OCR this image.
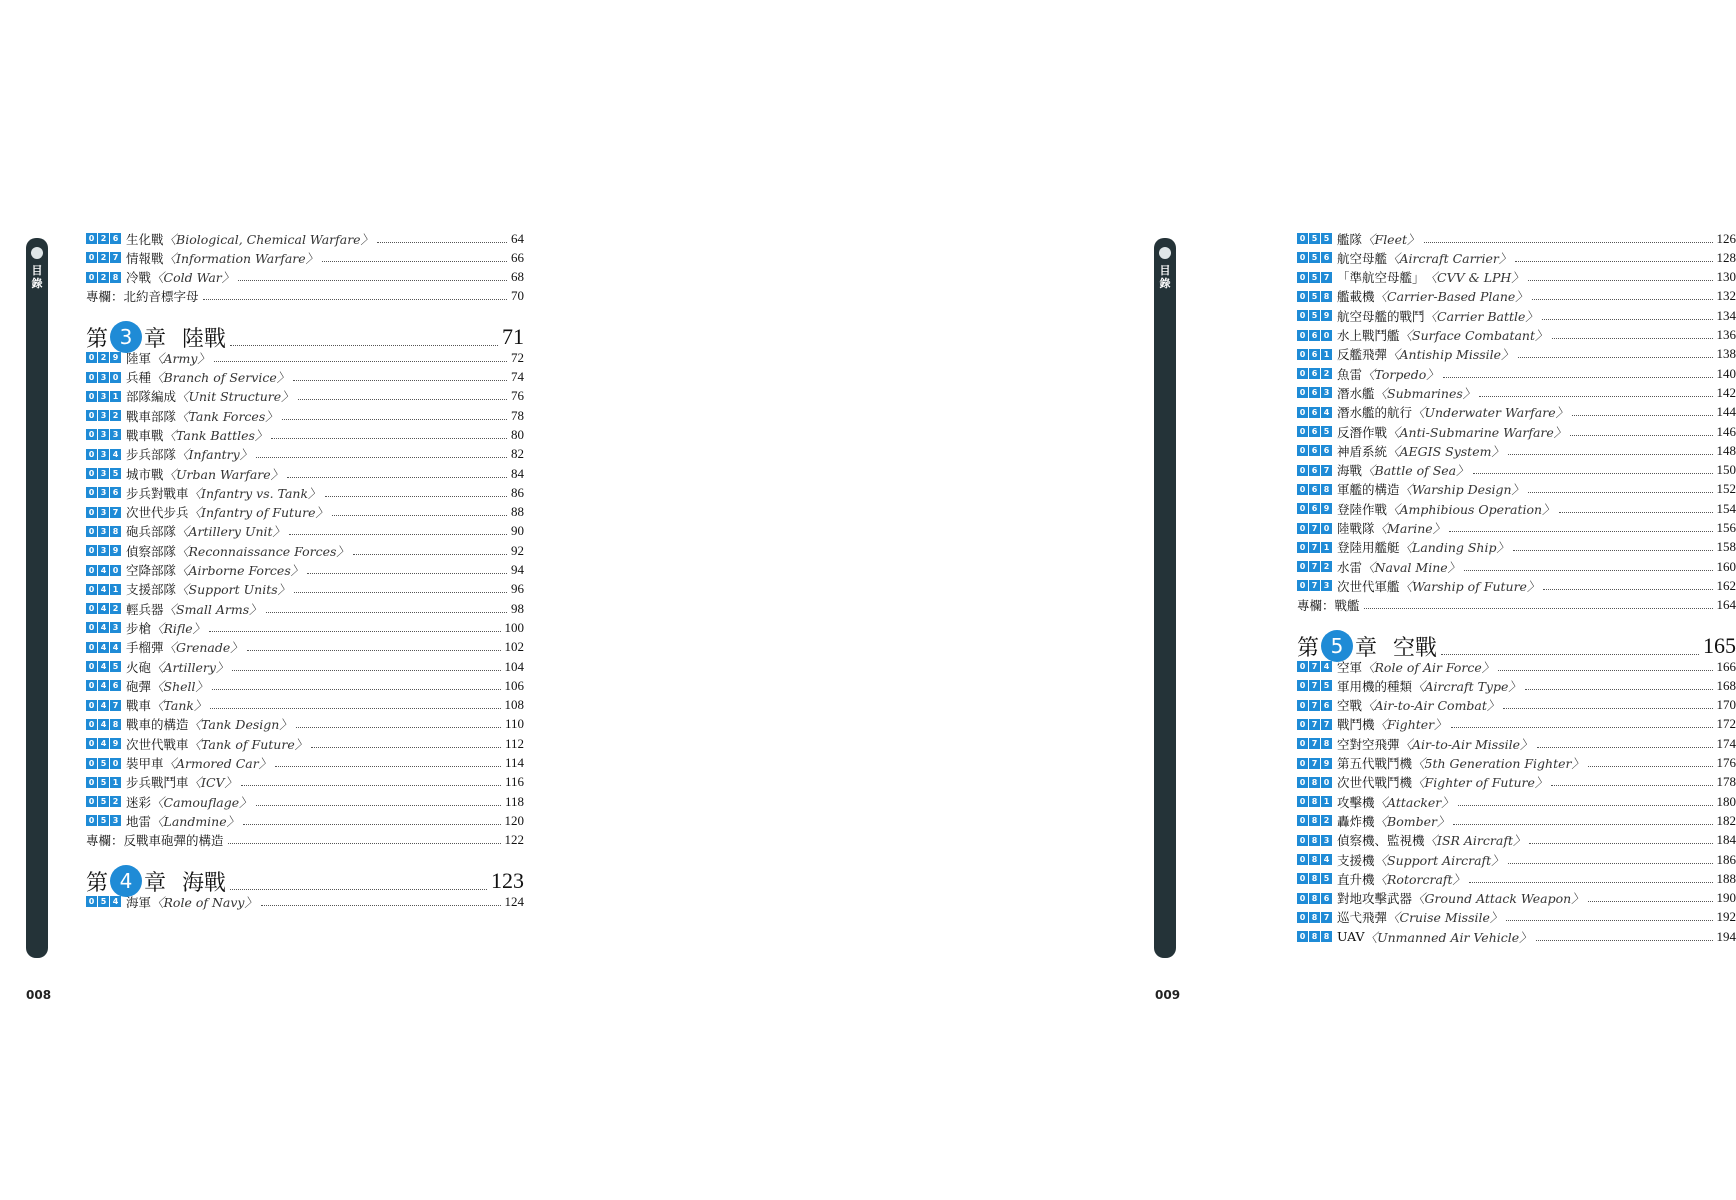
目錄
0 2 6 生化戰 〈Biological, Chemical Warfare〉	64
0 2 7 情報戰 〈Information Warfare〉	66
0 2 8 冷戰 〈Cold War〉	68
專欄：北約音標字母	70
第 3 章 陸戰	71
0 2 9 陸軍 〈Army〉	72
0 3 0 兵種 〈Branch of Service〉	74
0 3 1 部隊編成 〈Unit Structure〉	76
0 3 2 戰車部隊 〈Tank Forces〉	78
0 3 3 戰車戰 〈Tank Battles〉	80
0 3 4 步兵部隊 〈Infantry〉	82
0 3 5 城市戰 〈Urban Warfare〉	84
0 3 6 步兵對戰車 〈Infantry vs. Tank〉	86
0 3 7 次世代步兵 〈Infantry of Future〉	88
0 3 8 砲兵部隊 〈Artillery Unit〉	90
0 3 9 偵察部隊 〈Reconnaissance Forces〉	92
0 4 0 空降部隊 〈Airborne Forces〉	94
0 4 1 支援部隊 〈Support Units〉	96
0 4 2 輕兵器 〈Small Arms〉	98
0 4 3 步槍 〈Rifle〉	100
0 4 4 手榴彈 〈Grenade〉	102
0 4 5 火砲 〈Artillery〉	104
0 4 6 砲彈 〈Shell〉	106
0 4 7 戰車 〈Tank〉	108
0 4 8 戰車的構造 〈Tank Design〉	110
0 4 9 次世代戰車 〈Tank of Future〉	112
0 5 0 裝甲車 〈Armored Car〉	114
0 5 1 步兵戰鬥車 〈ICV〉	116
0 5 2 迷彩 〈Camouflage〉	118
0 5 3 地雷 〈Landmine〉	120
專欄：反戰車砲彈的構造	122
第 4 章 海戰	123
0 5 4 海軍 〈Role of Navy〉	124
008
目錄
0 5 5 艦隊 〈Fleet〉	126
0 5 6 航空母艦 〈Aircraft Carrier〉	128
0 5 7 「準航空母艦」 〈CVV & LPH〉	130
0 5 8 艦載機 〈Carrier-Based Plane〉	132
0 5 9 航空母艦的戰鬥 〈Carrier Battle〉	134
0 6 0 水上戰鬥艦 〈Surface Combatant〉	136
0 6 1 反艦飛彈 〈Antiship Missile〉	138
0 6 2 魚雷 〈Torpedo〉	140
0 6 3 潛水艦 〈Submarines〉	142
0 6 4 潛水艦的航行 〈Underwater Warfare〉	144
0 6 5 反潛作戰 〈Anti-Submarine Warfare〉	146
0 6 6 神盾系統 〈AEGIS System〉	148
0 6 7 海戰 〈Battle of Sea〉	150
0 6 8 軍艦的構造 〈Warship Design〉	152
0 6 9 登陸作戰 〈Amphibious Operation〉	154
0 7 0 陸戰隊 〈Marine〉	156
0 7 1 登陸用艦艇 〈Landing Ship〉	158
0 7 2 水雷 〈Naval Mine〉	160
0 7 3 次世代軍艦 〈Warship of Future〉	162
專欄：戰艦	164
第 5 章 空戰	165
0 7 4 空軍 〈Role of Air Force〉	166
0 7 5 軍用機的種類 〈Aircraft Type〉	168
0 7 6 空戰 〈Air-to-Air Combat〉	170
0 7 7 戰鬥機 〈Fighter〉	172
0 7 8 空對空飛彈 〈Air-to-Air Missile〉	174
0 7 9 第五代戰鬥機 〈5th Generation Fighter〉	176
0 8 0 次世代戰鬥機 〈Fighter of Future〉	178
0 8 1 攻擊機 〈Attacker〉	180
0 8 2 轟炸機 〈Bomber〉	182
0 8 3 偵察機、監視機 〈ISR Aircraft〉	184
0 8 4 支援機 〈Support Aircraft〉	186
0 8 5 直升機 〈Rotorcraft〉	188
0 8 6 對地攻擊武器 〈Ground Attack Weapon〉	190
0 8 7 巡弋飛彈 〈Cruise Missile〉	192
0 8 8 UAV 〈Unmanned Air Vehicle〉	194
009
